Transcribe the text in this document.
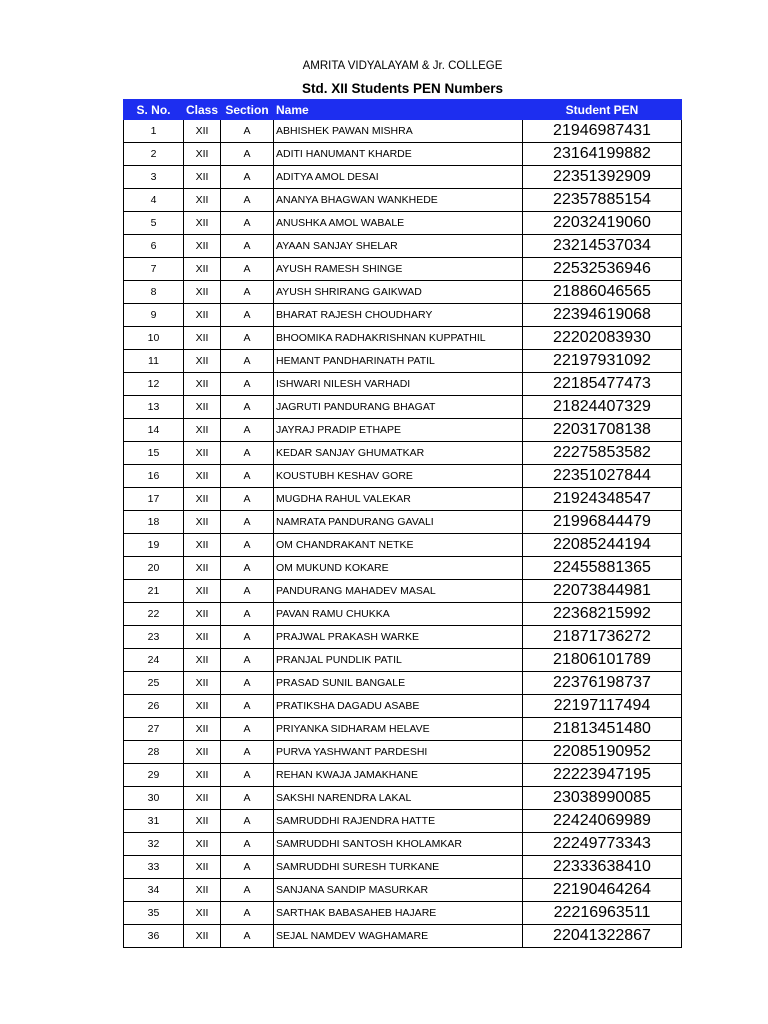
AMRITA VIDYALAYAM & Jr. COLLEGE
Std. XII Students PEN Numbers
S. No.	Class	Section	Name	Student PEN
1	XII	A	ABHISHEK PAWAN MISHRA	21946987431
2	XII	A	ADITI HANUMANT KHARDE	23164199882
3	XII	A	ADITYA AMOL DESAI	22351392909
4	XII	A	ANANYA BHAGWAN WANKHEDE	22357885154
5	XII	A	ANUSHKA AMOL WABALE	22032419060
6	XII	A	AYAAN SANJAY SHELAR	23214537034
7	XII	A	AYUSH RAMESH SHINGE	22532536946
8	XII	A	AYUSH SHRIRANG GAIKWAD	21886046565
9	XII	A	BHARAT RAJESH CHOUDHARY	22394619068
10	XII	A	BHOOMIKA RADHAKRISHNAN KUPPATHIL	22202083930
11	XII	A	HEMANT PANDHARINATH PATIL	22197931092
12	XII	A	ISHWARI NILESH VARHADI	22185477473
13	XII	A	JAGRUTI PANDURANG BHAGAT	21824407329
14	XII	A	JAYRAJ PRADIP ETHAPE	22031708138
15	XII	A	KEDAR SANJAY GHUMATKAR	22275853582
16	XII	A	KOUSTUBH KESHAV GORE	22351027844
17	XII	A	MUGDHA RAHUL VALEKAR	21924348547
18	XII	A	NAMRATA PANDURANG GAVALI	21996844479
19	XII	A	OM CHANDRAKANT NETKE	22085244194
20	XII	A	OM MUKUND KOKARE	22455881365
21	XII	A	PANDURANG MAHADEV MASAL	22073844981
22	XII	A	PAVAN RAMU CHUKKA	22368215992
23	XII	A	PRAJWAL PRAKASH WARKE	21871736272
24	XII	A	PRANJAL PUNDLIK PATIL	21806101789
25	XII	A	PRASAD SUNIL BANGALE	22376198737
26	XII	A	PRATIKSHA DAGADU ASABE	22197117494
27	XII	A	PRIYANKA SIDHARAM HELAVE	21813451480
28	XII	A	PURVA YASHWANT PARDESHI	22085190952
29	XII	A	REHAN KWAJA JAMAKHANE	22223947195
30	XII	A	SAKSHI NARENDRA LAKAL	23038990085
31	XII	A	SAMRUDDHI RAJENDRA HATTE	22424069989
32	XII	A	SAMRUDDHI SANTOSH KHOLAMKAR	22249773343
33	XII	A	SAMRUDDHI SURESH TURKANE	22333638410
34	XII	A	SANJANA SANDIP MASURKAR	22190464264
35	XII	A	SARTHAK BABASAHEB HAJARE	22216963511
36	XII	A	SEJAL NAMDEV WAGHAMARE	22041322867
